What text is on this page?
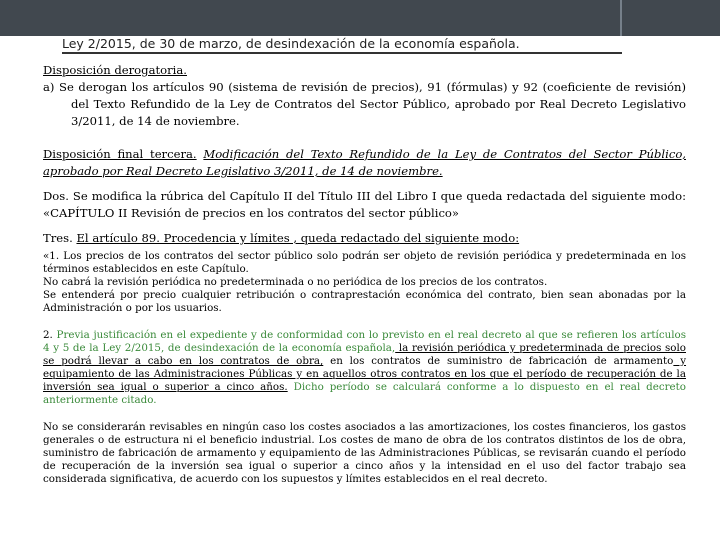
Ley 2/2015, de 30 de marzo, de desindexación de la economía española.

Disposición derogatoria.

a) Se derogan los artículos 90 (sistema de revisión de precios), 91 (fórmulas) y 92 (coeficiente de revisión) del Texto Refundido de la Ley de Contratos del Sector Público, aprobado por Real Decreto Legislativo 3/2011, de 14 de noviembre.

Disposición final tercera. Modificación del Texto Refundido de la Ley de Contratos del Sector Público, aprobado por Real Decreto Legislativo 3/2011, de 14 de noviembre.

Dos. Se modifica la rúbrica del Capítulo II del Título III del Libro I que queda redactada del siguiente modo: «CAPÍTULO II Revisión de precios en los contratos del sector público»

Tres. El artículo 89. Procedencia y límites , queda redactado del siguiente modo:

«1. Los precios de los contratos del sector público solo podrán ser objeto de revisión periódica y predeterminada en los términos establecidos en este Capítulo.

No cabrá la revisión periódica no predeterminada o no periódica de los precios de los contratos.

Se entenderá por precio cualquier retribución o contraprestación económica del contrato, bien sean abonadas por la Administración o por los usuarios.

2. Previa justificación en el expediente y de conformidad con lo previsto en el real decreto al que se refieren los artículos 4 y 5 de la Ley 2/2015, de desindexación de la economía española, la revisión periódica y predeterminada de precios solo se podrá llevar a cabo en los contratos de obra, en los contratos de suministro de fabricación de armamento y equipamiento de las Administraciones Públicas y en aquellos otros contratos en los que el período de recuperación de la inversión sea igual o superior a cinco años. Dicho período se calculará conforme a lo dispuesto en el real decreto anteriormente citado.

No se considerarán revisables en ningún caso los costes asociados a las amortizaciones, los costes financieros, los gastos generales o de estructura ni el beneficio industrial. Los costes de mano de obra de los contratos distintos de los de obra, suministro de fabricación de armamento y equipamiento de las Administraciones Públicas, se revisarán cuando el período de recuperación de la inversión sea igual o superior a cinco años y la intensidad en el uso del factor trabajo sea considerada significativa, de acuerdo con los supuestos y límites establecidos en el real decreto.
